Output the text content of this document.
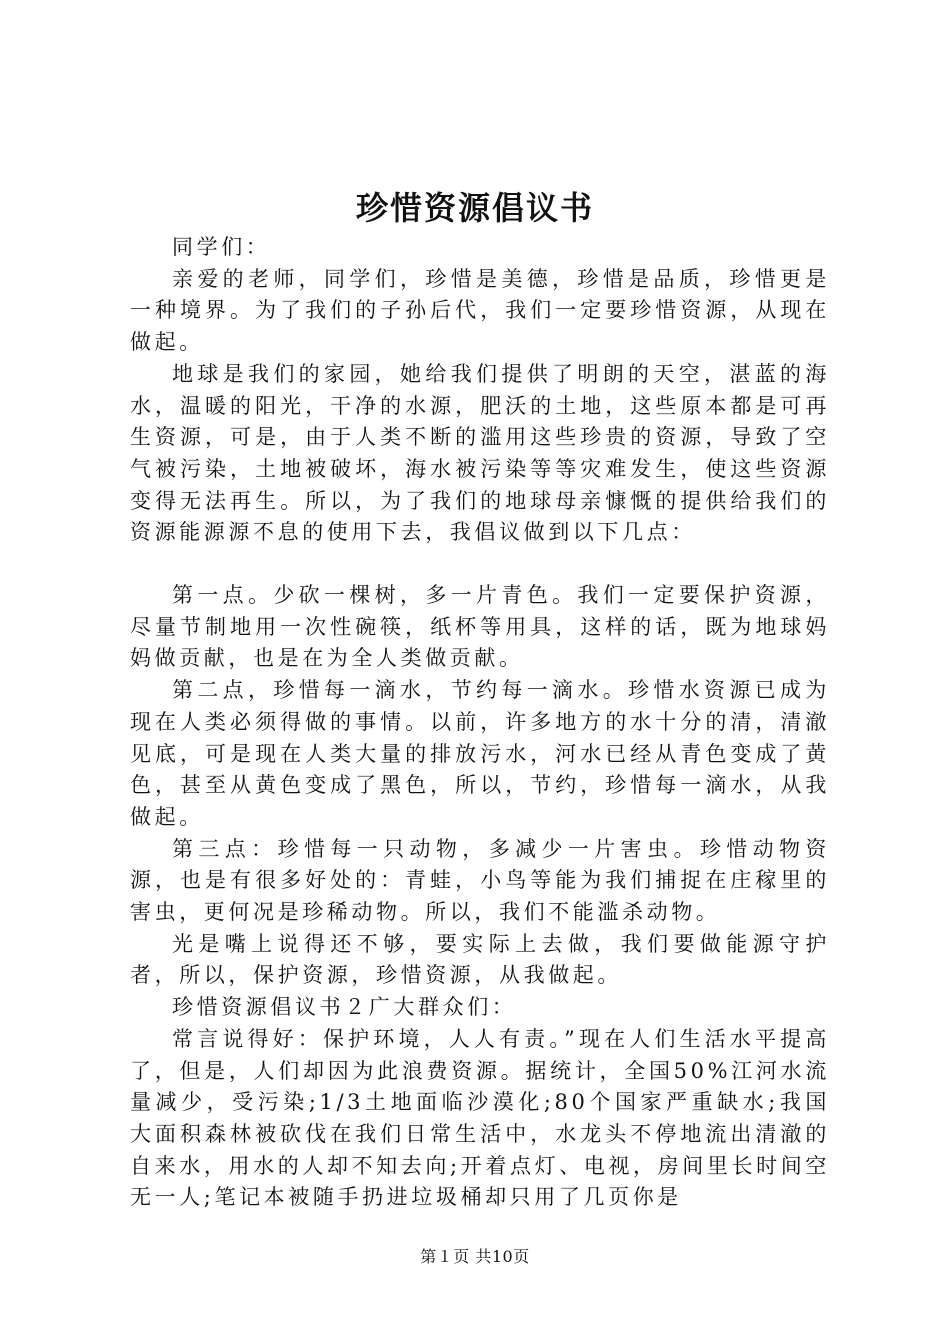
珍惜资源倡议书

同学们：

亲爱的老师，同学们，珍惜是美德，珍惜是品质，珍惜更是一种境界。为了我们的子孙后代，我们一定要珍惜资源，从现在做起。

地球是我们的家园，她给我们提供了明朗的天空，湛蓝的海水，温暖的阳光，干净的水源，肥沃的土地，这些原本都是可再生资源，可是，由于人类不断的滥用这些珍贵的资源，导致了空气被污染，土地被破坏，海水被污染等等灾难发生，使这些资源变得无法再生。所以，为了我们的地球母亲慷慨的提供给我们的资源能源源不息的使用下去，我倡议做到以下几点：

第一点。少砍一棵树，多一片青色。我们一定要保护资源，尽量节制地用一次性碗筷，纸杯等用具，这样的话，既为地球妈妈做贡献，也是在为全人类做贡献。

第二点，珍惜每一滴水，节约每一滴水。珍惜水资源已成为现在人类必须得做的事情。以前，许多地方的水十分的清，清澈见底，可是现在人类大量的排放污水，河水已经从青色变成了黄色，甚至从黄色变成了黑色，所以，节约，珍惜每一滴水，从我做起。

第三点：珍惜每一只动物，多减少一片害虫。珍惜动物资源，也是有很多好处的：青蛙，小鸟等能为我们捕捉在庄稼里的害虫，更何况是珍稀动物。所以，我们不能滥杀动物。

光是嘴上说得还不够，要实际上去做，我们要做能源守护者，所以，保护资源，珍惜资源，从我做起。

珍惜资源倡议书２广大群众们：

常言说得好：保护环境，人人有责。”现在人们生活水平提高了，但是，人们却因为此浪费资源。据统计，全国50%江河水流量减少，受污染;1/3土地面临沙漠化;80个国家严重缺水;我国大面积森林被砍伐在我们日常生活中，水龙头不停地流出清澈的自来水，用水的人却不知去向;开着点灯、电视，房间里长时间空无一人;笔记本被随手扔进垃圾桶却只用了几页你是

第１页 共10页
